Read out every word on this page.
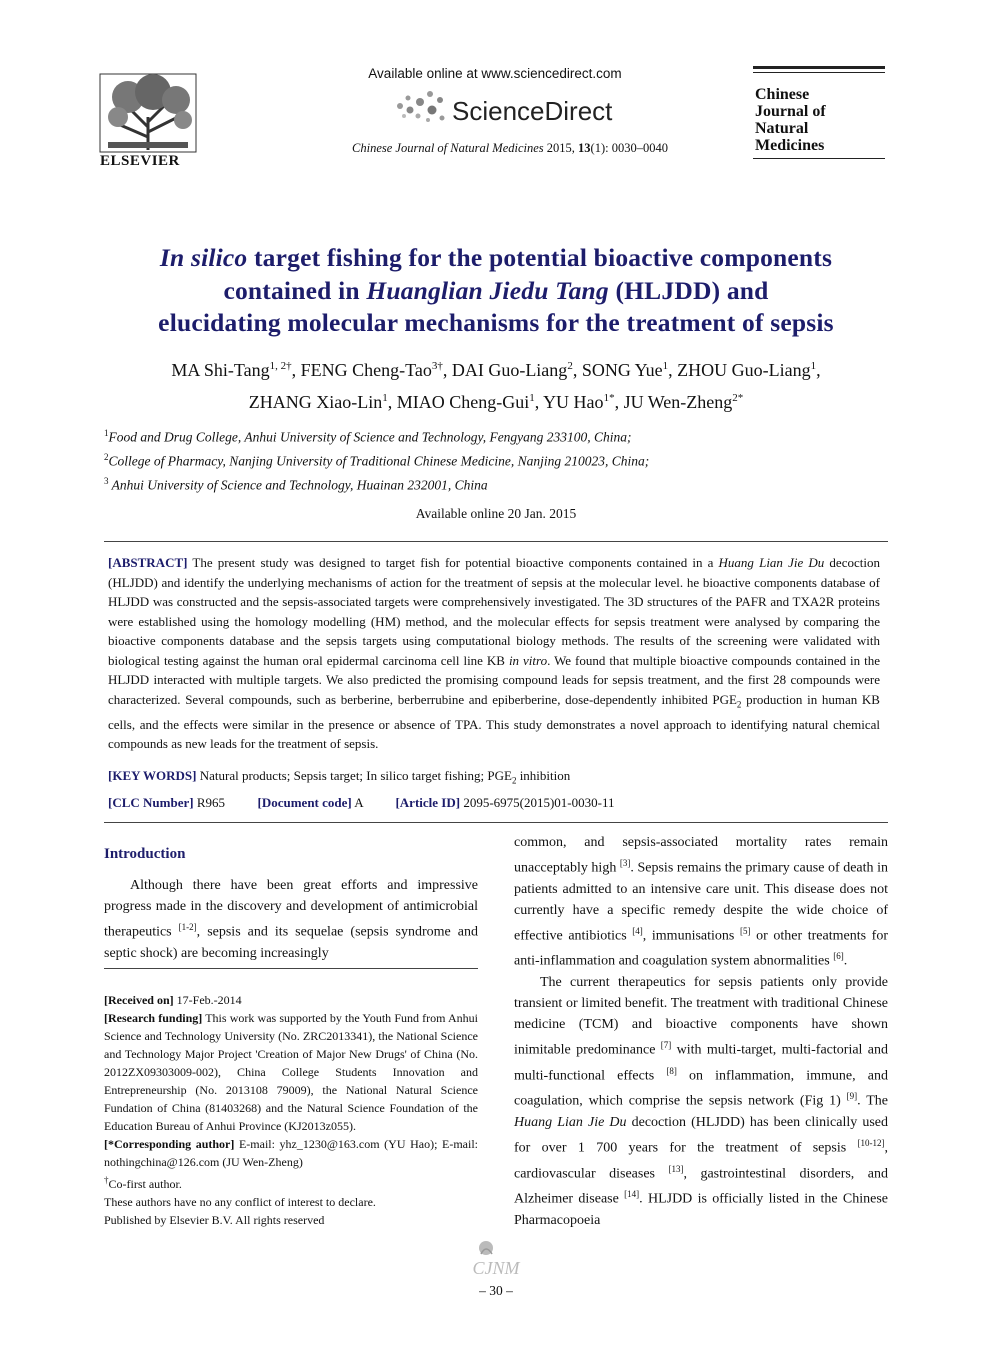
ELSEVIER
Available online at www.sciencedirect.com
ScienceDirect
Chinese Journal of Natural Medicines 2015, 13(1): 0030–0040
Chinese
Journal of
Natural
Medicines
In silico target fishing for the potential bioactive components
contained in Huanglian Jiedu Tang (HLJDD) and
elucidating molecular mechanisms for the treatment of sepsis
MA Shi-Tang$^{1, 2\dagger}$, FENG Cheng-Tao$^{3\dagger}$, DAI Guo-Liang$^2$, SONG Yue$^1$, ZHOU Guo-Liang$^1$,
ZHANG Xiao-Lin$^1$, MIAO Cheng-Gui$^1$, YU Hao$^{1*}$, JU Wen-Zheng$^{2*}$
$^1$Food and Drug College, Anhui University of Science and Technology, Fengyang 233100, China;
$^2$College of Pharmacy, Nanjing University of Traditional Chinese Medicine, Nanjing 210023, China;
$^3$ Anhui University of Science and Technology, Huainan 232001, China
Available online 20 Jan. 2015
[ABSTRACT] The present study was designed to target fish for potential bioactive components contained in a Huang Lian Jie Du decoction (HLJDD) and identify the underlying mechanisms of action for the treatment of sepsis at the molecular level. he bioactive components database of HLJDD was constructed and the sepsis-associated targets were comprehensively investigated. The 3D structures of the PAFR and TXA2R proteins were established using the homology modelling (HM) method, and the molecular effects for sepsis treatment were analysed by comparing the bioactive components database and the sepsis targets using computational biology methods. The results of the screening were validated with biological testing against the human oral epidermal carcinoma cell line KB in vitro. We found that multiple bioactive compounds contained in the HLJDD interacted with multiple targets. We also predicted the promising compound leads for sepsis treatment, and the first 28 compounds were characterized. Several compounds, such as berberine, berberrubine and epiberberine, dose-dependently inhibited $PGE_2$ production in human KB cells, and the effects were similar in the presence or absence of TPA. This study demonstrates a novel approach to identifying natural chemical compounds as new leads for the treatment of sepsis.
[KEY WORDS] Natural products; Sepsis target; In silico target fishing; $PGE_2$ inhibition
[CLC Number] R965	[Document code] A	[Article ID] 2095-6975(2015)01-0030-11
Introduction

Although there have been great efforts and impressive progress made in the discovery and development of antimicrobial therapeutics [1-2], sepsis and its sequelae (sepsis syndrome and septic shock) are becoming increasingly

[Received on] 17-Feb.-2014

[Research funding] This work was supported by the Youth Fund from Anhui Science and Technology University (No. ZRC2013341), the National Science and Technology Major Project 'Creation of Major New Drugs' of China (No. 2012ZX09303009-002), China College Students Innovation and Entrepreneurship (No. 2013108 79009), the National Natural Science Fundation of China (81403268) and the Natural Science Foundation of the Education Bureau of Anhui Province (KJ2013z055).

[*Corresponding author] E-mail: yhz_1230@163.com (YU Hao); E-mail: nothingchina@126.com (JU Wen-Zheng)

†Co-first author.

These authors have no any conflict of interest to declare.

Published by Elsevier B.V. All rights reserved

common, and sepsis-associated mortality rates remain unacceptably high [3]. Sepsis remains the primary cause of death in patients admitted to an intensive care unit. This disease does not currently have a specific remedy despite the wide choice of effective antibiotics [4], immunisations [5] or other treatments for anti-inflammation and coagulation system abnormalities [6].

The current therapeutics for sepsis patients only provide transient or limited benefit. The treatment with traditional Chinese medicine (TCM) and bioactive components have shown inimitable predominance [7] with multi-target, multi-factorial and multi-functional effects [8] on inflammation, immune, and coagulation, which comprise the sepsis network (Fig 1) [9]. The Huang Lian Jie Du decoction (HLJDD) has been clinically used for over 1 700 years for the treatment of sepsis [10-12], cardiovascular diseases [13], gastrointestinal disorders, and Alzheimer disease [14]. HLJDD is officially listed in the Chinese Pharmacopoeia

CJNM
– 30 –
